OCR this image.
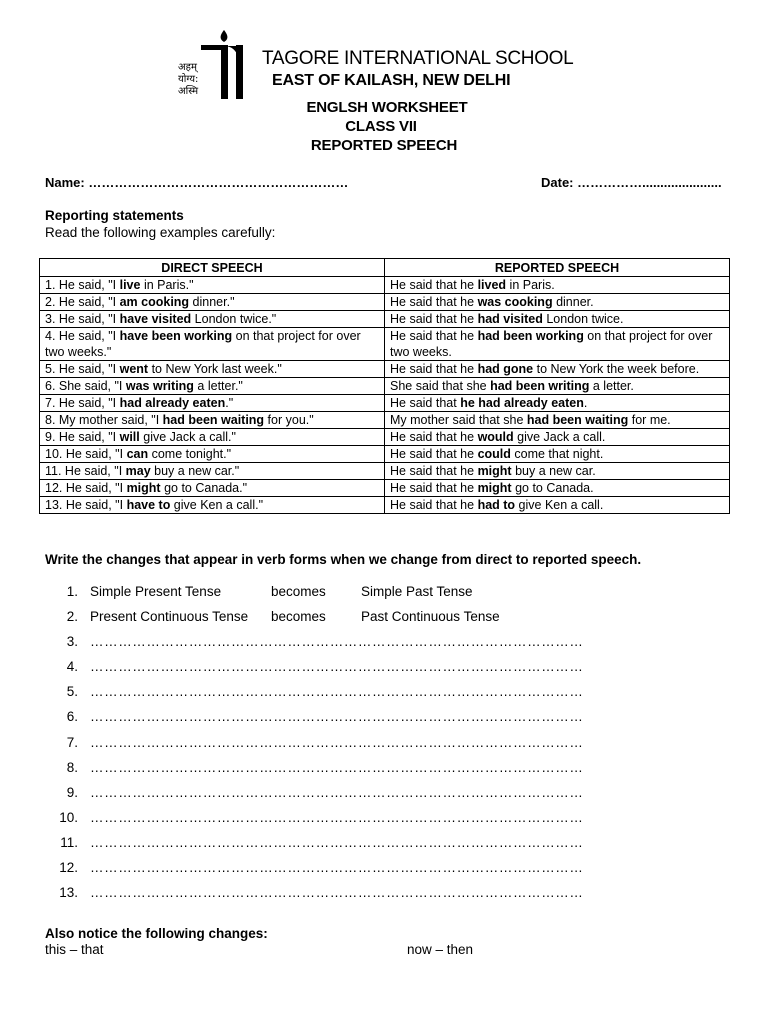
अहम्
योग्य:
अस्मि
TAGORE INTERNATIONAL SCHOOL
EAST OF KAILASH, NEW DELHI
ENGLSH WORKSHEET
CLASS VII
REPORTED SPEECH
Name: ……………………………………………………	Date: ……………......................
Reporting statements
Read the following examples carefully:
DIRECT SPEECH	REPORTED SPEECH
1. He said, "I live in Paris."	He said that he lived in Paris.
2. He said, "I am cooking dinner."	He said that he was cooking dinner.
3. He said, "I have visited London twice."	He said that he had visited London twice.
4. He said, "I have been working on that project for over two weeks."	He said that he had been working on that project for over two weeks.
5. He said, "I went to New York last week."	He said that he had gone to New York the week before.
6. She said, "I was writing a letter."	She said that she had been writing a letter.
7. He said, "I had already eaten."	He said that he had already eaten.
8. My mother said, "I had been waiting for you."	My mother said that she had been waiting for me.
9. He said, "I will give Jack a call."	He said that he would give Jack a call.
10. He said, "I can come tonight."	He said that he could come that night.
11. He said, "I may buy a new car."	He said that he might buy a new car.
12. He said, "I might go to Canada."	He said that he might go to Canada.
13. He said, "I have to give Ken a call."	He said that he had to give Ken a call.
Write the changes that appear in verb forms when we change from direct to reported speech.
1. Simple Present Tense	becomes	Simple Past Tense
2. Present Continuous Tense becomes	Past Continuous Tense
3. ……………………………………………………………………………………………
4. ……………………………………………………………………………………………
5. ……………………………………………………………………………………………
6. ……………………………………………………………………………………………
7. ……………………………………………………………………………………………
8. ……………………………………………………………………………………………
9. ……………………………………………………………………………………………
10. ……………………………………………………………………………………………
11. ……………………………………………………………………………………………
12. ……………………………………………………………………………………………
13. ……………………………………………………………………………………………
Also notice the following changes:
this – that	now – then
